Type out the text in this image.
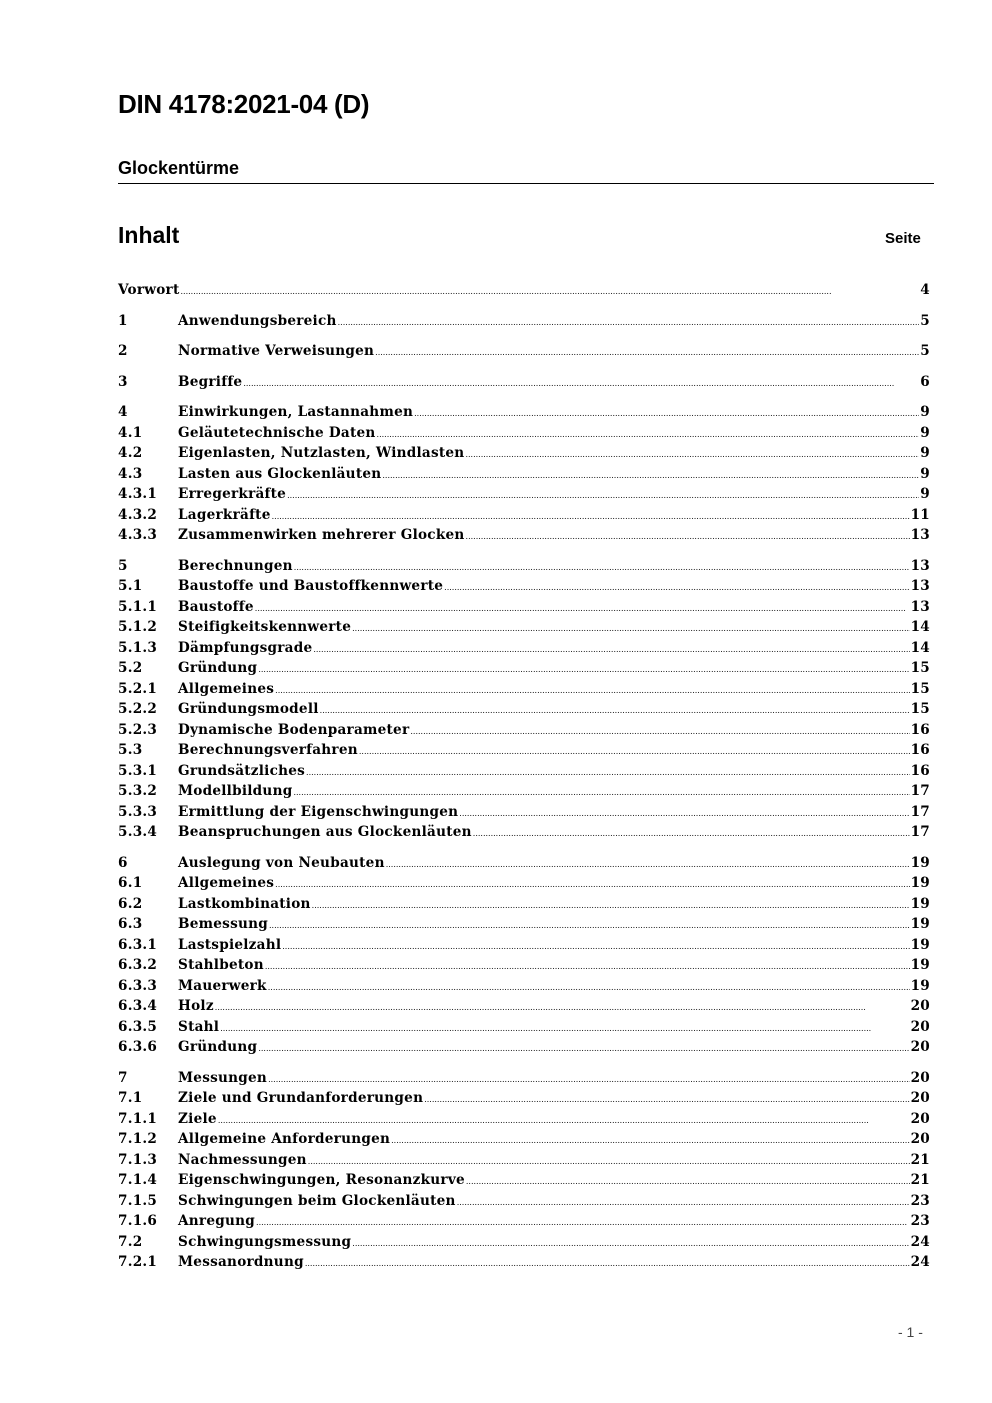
DIN 4178:2021-04 (D)
Glockentürme
Inhalt	Seite
Vorwort .....	4
1	Anwendungsbereich .....	5
2	Normative Verweisungen .....	5
3	Begriffe .....	6
4	Einwirkungen, Lastannahmen .....	9
4.1	Geläutetechnische Daten .....	9
4.2	Eigenlasten, Nutzlasten, Windlasten .....	9
4.3	Lasten aus Glockenläuten .....	9
4.3.1	Erregerkräfte .....	9
4.3.2	Lagerkräfte .....	11
4.3.3	Zusammenwirken mehrerer Glocken .....	13
5	Berechnungen .....	13
5.1	Baustoffe und Baustoffkennwerte .....	13
5.1.1	Baustoffe .....	13
5.1.2	Steifigkeitskennwerte .....	14
5.1.3	Dämpfungsgrade .....	14
5.2	Gründung .....	15
5.2.1	Allgemeines .....	15
5.2.2	Gründungsmodell .....	15
5.2.3	Dynamische Bodenparameter .....	16
5.3	Berechnungsverfahren .....	16
5.3.1	Grundsätzliches .....	16
5.3.2	Modellbildung .....	17
5.3.3	Ermittlung der Eigenschwingungen .....	17
5.3.4	Beanspruchungen aus Glockenläuten .....	17
6	Auslegung von Neubauten .....	19
6.1	Allgemeines .....	19
6.2	Lastkombination .....	19
6.3	Bemessung .....	19
6.3.1	Lastspielzahl .....	19
6.3.2	Stahlbeton .....	19
6.3.3	Mauerwerk .....	19
6.3.4	Holz .....	20
6.3.5	Stahl .....	20
6.3.6	Gründung .....	20
7	Messungen .....	20
7.1	Ziele und Grundanforderungen .....	20
7.1.1	Ziele .....	20
7.1.2	Allgemeine Anforderungen .....	20
7.1.3	Nachmessungen .....	21
7.1.4	Eigenschwingungen, Resonanzkurve .....	21
7.1.5	Schwingungen beim Glockenläuten .....	23
7.1.6	Anregung .....	23
7.2	Schwingungsmessung .....	24
7.2.1	Messanordnung .....	24
- 1 -
